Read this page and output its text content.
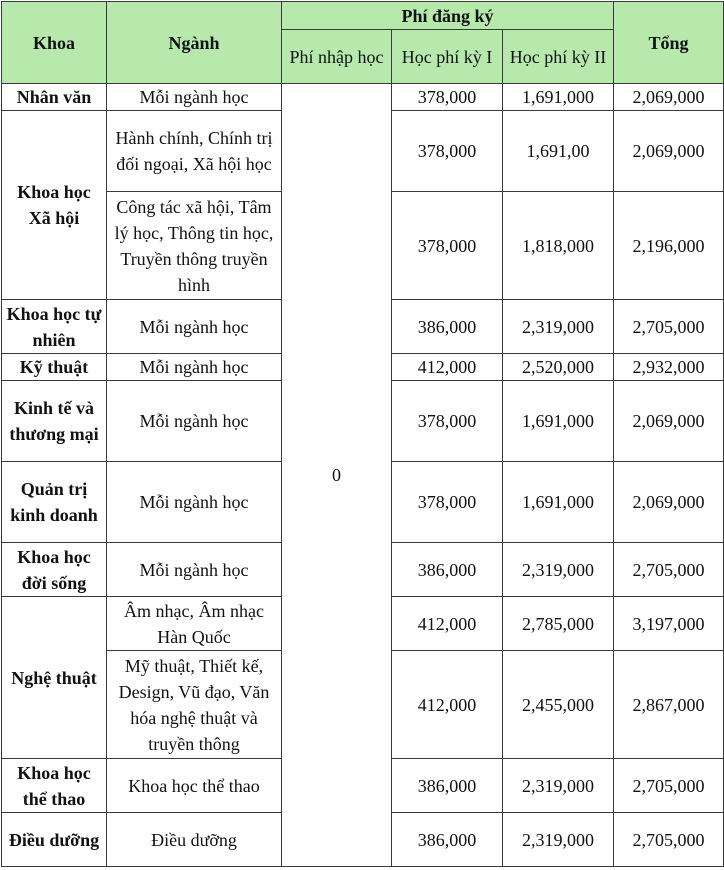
Khoa	Ngành	Phí đăng ký			Tổng
		Phí nhập học	Học phí kỳ I	Học phí kỳ II	
Nhân văn	Mỗi ngành học	0	378,000	1,691,000	2,069,000
Khoa học Xã hội	Hành chính, Chính trị đối ngoại, Xã hội học		378,000	1,691,00	2,069,000
	Công tác xã hội, Tâm lý học, Thông tin học, Truyền thông truyền hình		378,000	1,818,000	2,196,000
Khoa học tự nhiên	Mỗi ngành học		386,000	2,319,000	2,705,000
Kỹ thuật	Mỗi ngành học		412,000	2,520,000	2,932,000
Kinh tế và thương mại	Mỗi ngành học		378,000	1,691,000	2,069,000
Quản trị kinh doanh	Mỗi ngành học		378,000	1,691,000	2,069,000
Khoa học đời sống	Mỗi ngành học		386,000	2,319,000	2,705,000
Nghệ thuật	Âm nhạc, Âm nhạc Hàn Quốc		412,000	2,785,000	3,197,000
	Mỹ thuật, Thiết kế, Design, Vũ đạo, Văn hóa nghệ thuật và truyền thông		412,000	2,455,000	2,867,000
Khoa học thể thao	Khoa học thể thao		386,000	2,319,000	2,705,000
Điều dưỡng	Điều dưỡng		386,000	2,319,000	2,705,000
